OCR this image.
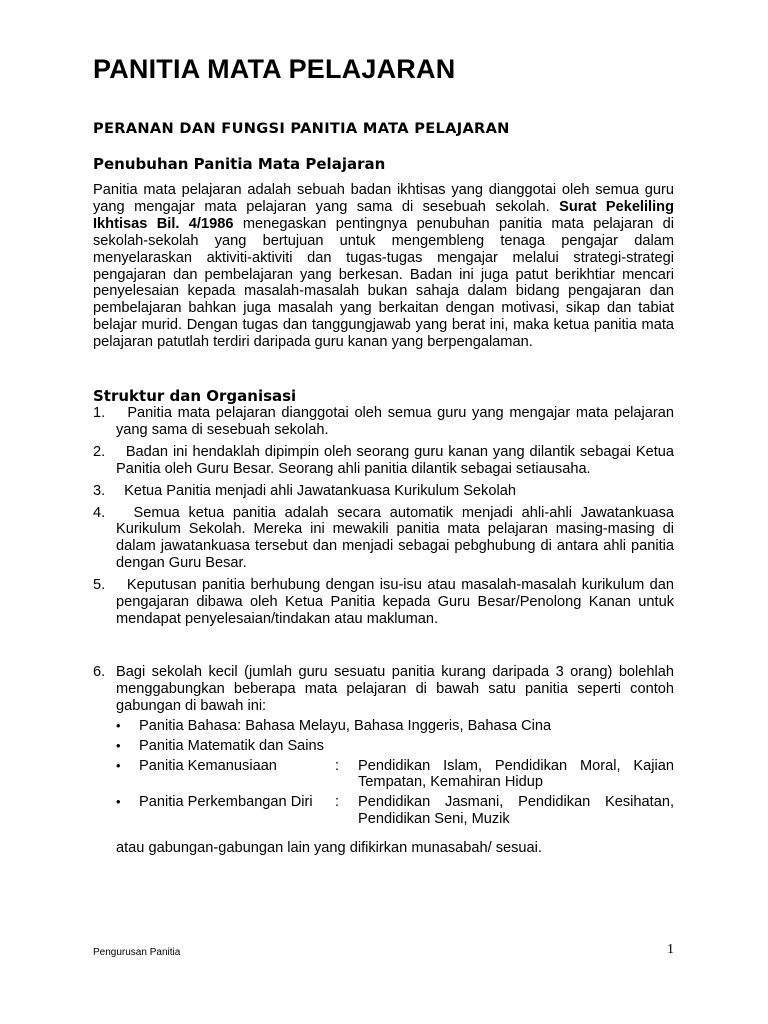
PANITIA MATA PELAJARAN
PERANAN DAN FUNGSI PANITIA MATA PELAJARAN
Penubuhan Panitia Mata Pelajaran

Panitia mata pelajaran adalah sebuah badan ikhtisas yang dianggotai oleh semua guru yang mengajar mata pelajaran yang sama di sesebuah sekolah. Surat Pekeliling Ikhtisas Bil. 4/1986 menegaskan pentingnya penubuhan panitia mata pelajaran di sekolah-sekolah yang bertujuan untuk mengembleng tenaga pengajar dalam menyelaraskan aktiviti-aktiviti dan tugas-tugas mengajar melalui strategi-strategi pengajaran dan pembelajaran yang berkesan. Badan ini juga patut berikhtiar mencari penyelesaian kepada masalah-masalah bukan sahaja dalam bidang pengajaran dan pembelajaran bahkan juga masalah yang berkaitan dengan motivasi, sikap dan tabiat belajar murid. Dengan tugas dan tanggungjawab yang berat ini, maka ketua panitia mata pelajaran patutlah terdiri daripada guru kanan yang berpengalaman.

Struktur dan Organisasi
1. Panitia mata pelajaran dianggotai oleh semua guru yang mengajar mata pelajaran yang sama di sesebuah sekolah.
2. Badan ini hendaklah dipimpin oleh seorang guru kanan yang dilantik sebagai Ketua Panitia oleh Guru Besar. Seorang ahli panitia dilantik sebagai setiausaha.
3. Ketua Panitia menjadi ahli Jawatankuasa Kurikulum Sekolah
4. Semua ketua panitia adalah secara automatik menjadi ahli-ahli Jawatankuasa Kurikulum Sekolah. Mereka ini mewakili panitia mata pelajaran masing-masing di dalam jawatankuasa tersebut dan menjadi sebagai pebghubung di antara ahli panitia dengan Guru Besar.
5. Keputusan panitia berhubung dengan isu-isu atau masalah-masalah kurikulum dan pengajaran dibawa oleh Ketua Panitia kepada Guru Besar/Penolong Kanan untuk mendapat penyelesaian/tindakan atau makluman.
6. Bagi sekolah kecil (jumlah guru sesuatu panitia kurang daripada 3 orang) bolehlah menggabungkan beberapa mata pelajaran di bawah satu panitia seperti contoh gabungan di bawah ini:
• Panitia Bahasa: Bahasa Melayu, Bahasa Inggeris, Bahasa Cina
• Panitia Matematik dan Sains
• Panitia Kemanusiaan	:	Pendidikan Islam, Pendidikan Moral, Kajian Tempatan, Kemahiran Hidup
• Panitia Perkembangan Diri	:	Pendidikan Jasmani, Pendidikan Kesihatan, Pendidikan Seni, Muzik
atau gabungan-gabungan lain yang difikirkan munasabah/ sesuai.
Pengurusan Panitia	1
